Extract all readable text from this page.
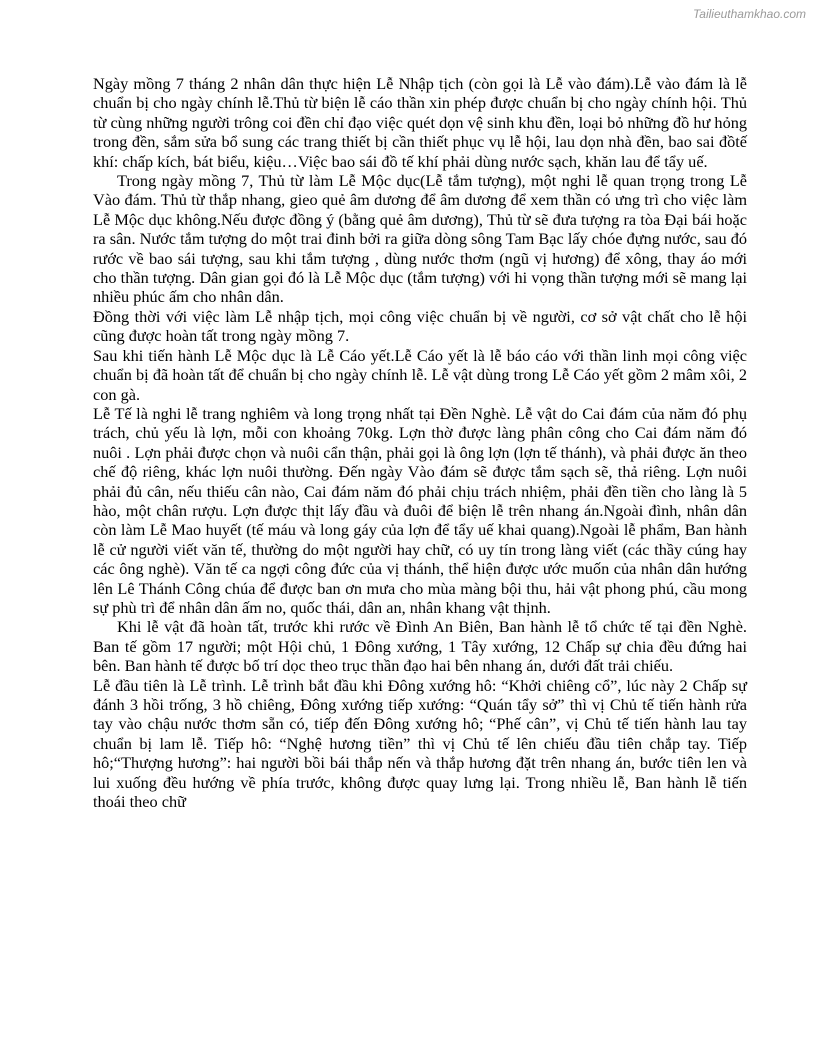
Tailieuthamkhao.com

Ngày mồng 7 tháng 2 nhân dân thực hiện Lễ Nhập tịch (còn gọi là Lễ vào đám).Lễ vào đám là lễ chuẩn bị cho ngày chính lễ.Thủ từ biện lễ cáo thần xin phép được chuẩn bị cho ngày chính hội. Thủ từ cùng những người trông coi đền chỉ đạo việc quét dọn vệ sinh khu đền, loại bỏ những đồ hư hỏng trong đền, sắm sửa bổ sung các trang thiết bị cần thiết phục vụ lễ hội, lau dọn nhà đền, bao sai đồtế khí: chấp kích, bát biểu, kiệu…Việc bao sái đồ tế khí phải dùng nước sạch, khăn lau để tẩy uế.

Trong ngày mồng 7, Thủ từ làm Lễ Mộc dục(Lễ tắm tượng), một nghi lễ quan trọng trong Lễ Vào đám. Thủ từ thắp nhang, gieo quẻ âm dương để âm dương để xem thần có ưng trì cho việc làm Lễ Mộc dục không.Nếu được đồng ý (bằng quẻ âm dương), Thủ từ sẽ đưa tượng ra tòa Đại bái hoặc ra sân. Nước tắm tượng do một trai đinh bởi ra giữa dòng sông Tam Bạc lấy chóe đựng nước, sau đó rước về bao sái tượng, sau khi tắm tượng , dùng nước thơm (ngũ vị hương) để xông, thay áo mới cho thần tượng. Dân gian gọi đó là Lễ Mộc dục (tắm tượng) với hi vọng thần tượng mới sẽ mang lại nhiều phúc ấm cho nhân dân.

Đồng thời với việc làm Lễ nhập tịch, mọi công việc chuẩn bị về người, cơ sở vật chất cho lễ hội cũng được hoàn tất trong ngày mồng 7.

Sau khi tiến hành Lễ Mộc dục là Lễ Cáo yết.Lễ Cáo yết là lễ báo cáo với thần linh mọi công việc chuẩn bị đã hoàn tất để chuẩn bị cho ngày chính lễ. Lễ vật dùng trong Lễ Cáo yết gồm 2 mâm xôi, 2 con gà.

Lễ Tế là nghi lễ trang nghiêm và long trọng nhất tại Đền Nghè. Lễ vật do Cai đám của năm đó phụ trách, chủ yếu là lợn, mỗi con khoảng 70kg. Lợn thờ được làng phân công cho Cai đám năm đó nuôi . Lợn phải được chọn và nuôi cẩn thận, phải gọi là ông lợn (lợn tế thánh), và phải được ăn theo chế độ riêng, khác lợn nuôi thường. Đến ngày Vào đám sẽ được tắm sạch sẽ, thả riêng. Lợn nuôi phải đủ cân, nếu thiếu cân nào, Cai đám năm đó phải chịu trách nhiệm, phải đền tiền cho làng là 5 hào, một chân rượu. Lợn được thịt lấy đầu và đuôi để biện lễ trên nhang án.Ngoài đình, nhân dân còn làm Lễ Mao huyết (tế máu và long gáy của lợn để tẩy uế khai quang).Ngoài lễ phẩm, Ban hành lễ cử người viết văn tế, thường do một người hay chữ, có uy tín trong làng viết (các thầy cúng hay các ông nghè). Văn tế ca ngợi công đức của vị thánh, thể hiện được ước muốn của nhân dân hướng lên Lê Thánh Công chúa để được ban ơn mưa cho mùa màng bội thu, hải vật phong phú, cầu mong sự phù trì để nhân dân ấm no, quốc thái, dân an, nhân khang vật thịnh.

Khi lễ vật đã hoàn tất, trước khi rước về Đình An Biên, Ban hành lễ tổ chức tế tại đền Nghè. Ban tế gồm 17 người; một Hội chủ, 1 Đông xướng, 1 Tây xướng, 12 Chấp sự chia đều đứng hai bên. Ban hành tế được bố trí dọc theo trục thần đạo hai bên nhang án, dưới đất trải chiếu.

Lễ đầu tiên là Lễ trình. Lễ trình bắt đầu khi Đông xướng hô: “Khởi chiêng cổ”, lúc này 2 Chấp sự đánh 3 hồi trống, 3 hồ chiêng, Đông xướng tiếp xướng: “Quán tẩy sở” thì vị Chủ tế tiến hành rửa tay vào chậu nước thơm sẵn có, tiếp đến Đông xướng hô; “Phế cân”, vị Chủ tế tiến hành lau tay chuẩn bị lam lễ. Tiếp hô: “Nghệ hương tiền” thì vị Chủ tế lên chiếu đầu tiên chắp tay. Tiếp hô;“Thượng hương”: hai người bồi bái thắp nến và thắp hương đặt trên nhang án, bước tiên len và lui xuống đều hướng về phía trước, không được quay lưng lại. Trong nhiều lễ, Ban hành lễ tiến thoái theo chữ
